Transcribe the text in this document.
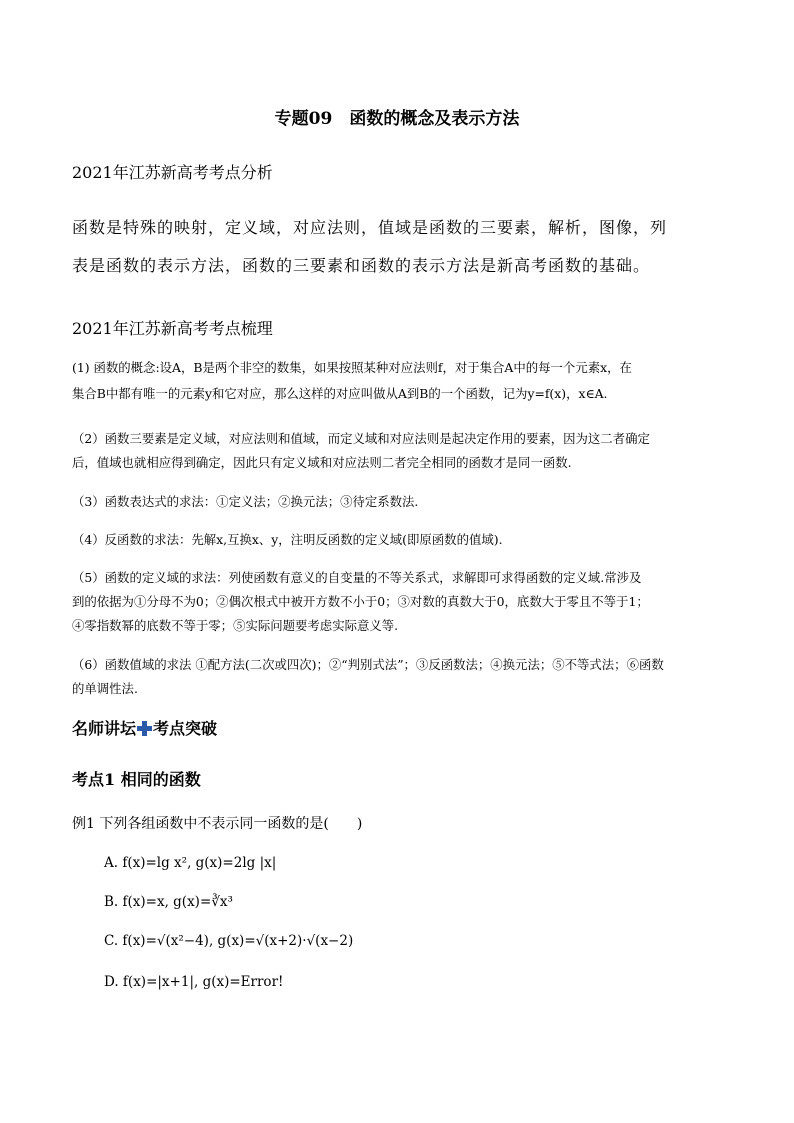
专题09　函数的概念及表示方法
2021年江苏新高考考点分析
函数是特殊的映射，定义域，对应法则，值域是函数的三要素，解析，图像，列
表是函数的表示方法，函数的三要素和函数的表示方法是新高考函数的基础。
2021年江苏新高考考点梳理
(1) 函数的概念:设A，B是两个非空的数集，如果按照某种对应法则f，对于集合A中的每一个元素x，在
集合B中都有唯一的元素y和它对应，那么这样的对应叫做从A到B的一个函数，记为y=f(x)，x∈A.
（2）函数三要素是定义域，对应法则和值域，而定义域和对应法则是起决定作用的要素，因为这二者确定
后，值域也就相应得到确定，因此只有定义域和对应法则二者完全相同的函数才是同一函数.
（3）函数表达式的求法：①定义法；②换元法；③待定系数法.
（4）反函数的求法：先解x,互换x、y，注明反函数的定义域(即原函数的值域).
（5）函数的定义域的求法：列使函数有意义的自变量的不等关系式，求解即可求得函数的定义域.常涉及
到的依据为①分母不为0；②偶次根式中被开方数不小于0；③对数的真数大于0，底数大于零且不等于1；
④零指数幂的底数不等于零；⑤实际问题要考虑实际意义等.
（6）函数值域的求法 ①配方法(二次或四次)；②“判别式法”；③反函数法；④换元法；⑤不等式法；⑥函数
的单调性法.
名师讲坛 考点突破
考点1 相同的函数
例1 下列各组函数中不表示同一函数的是(　　)
A. f(x)=lg x², g(x)=2lg |x|
B. f(x)=x, g(x)=∛x³
C. f(x)=√(x²−4), g(x)=√(x+2)·√(x−2)
D. f(x)=|x+1|, g(x)=Error!
